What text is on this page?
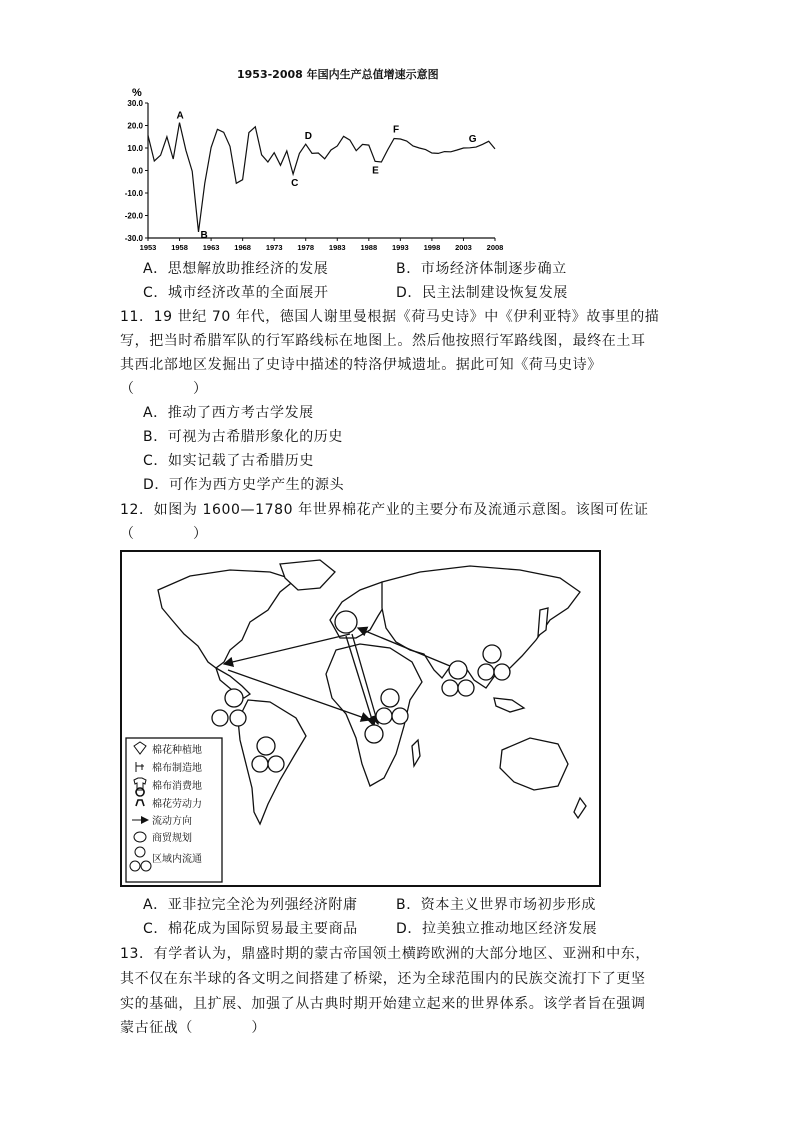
1953-2008 年国内生产总值增速示意图
%
30.0
20.0
10.0
0.0
-10.0
-20.0
-30.0
1953 1958 1963 1968 1973 1978 1983 1988 1993 1998 2003 2008
A
B
C
D
E
F
G
A．思想解放助推经济的发展	B．市场经济体制逐步确立
C．城市经济改革的全面展开	D．民主法制建设恢复发展
11．19 世纪 70 年代，德国人谢里曼根据《荷马史诗》中《伊利亚特》故事里的描
写，把当时希腊军队的行军路线标在地图上。然后他按照行军路线图，最终在土耳
其西北部地区发掘出了史诗中描述的特洛伊城遗址。据此可知《荷马史诗》
（　　　　）
A．推动了西方考古学发展
B．可视为古希腊形象化的历史
C．如实记载了古希腊历史
D．可作为西方史学产生的源头
12．如图为 1600—1780 年世界棉花产业的主要分布及流通示意图。该图可佐证
（　　　　）
棉花种植地
棉布制造地
棉布消费地
棉花劳动力
流动方向
商贸规划
区域内流通
A．亚非拉完全沦为列强经济附庸	B．资本主义世界市场初步形成
C．棉花成为国际贸易最主要商品	D．拉美独立推动地区经济发展
13．有学者认为，鼎盛时期的蒙古帝国领土横跨欧洲的大部分地区、亚洲和中东，
其不仅在东半球的各文明之间搭建了桥梁，还为全球范围内的民族交流打下了更坚
实的基础，且扩展、加强了从古典时期开始建立起来的世界体系。该学者旨在强调
蒙古征战（　　　　）
